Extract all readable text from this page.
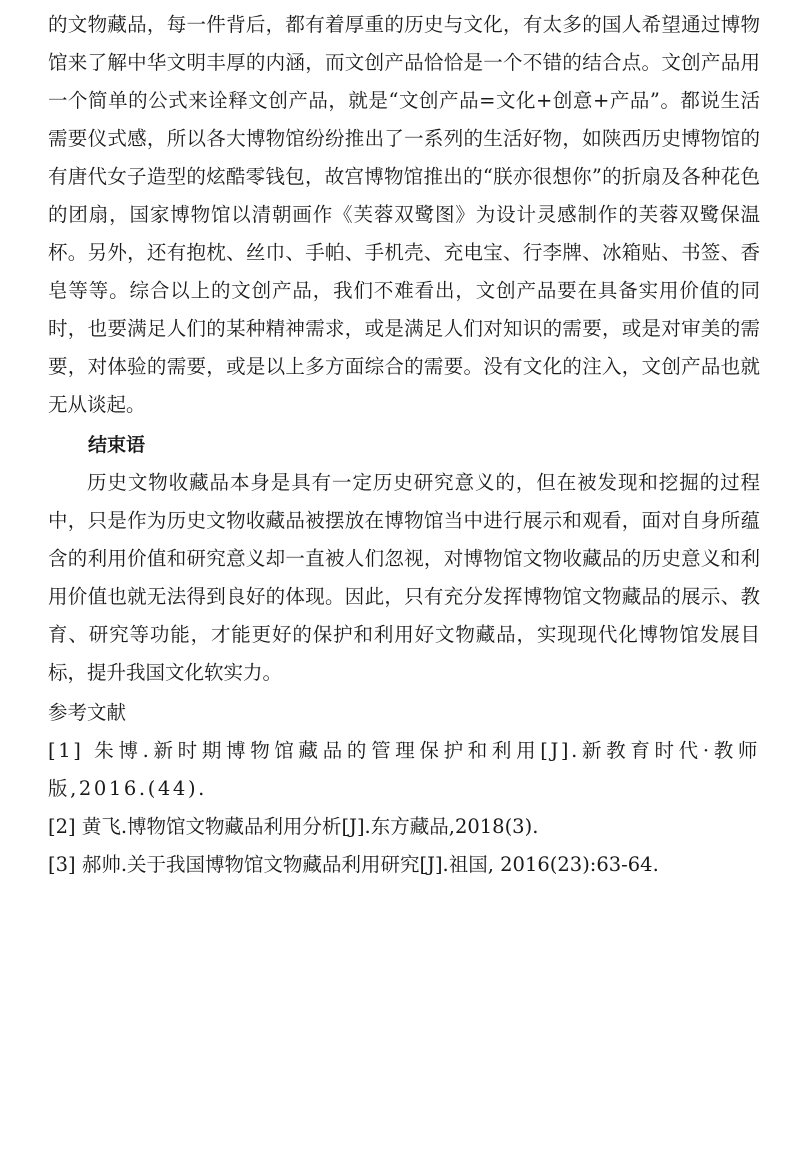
的文物藏品，每一件背后，都有着厚重的历史与文化，有太多的国人希望通过博物馆来了解中华文明丰厚的内涵，而文创产品恰恰是一个不错的结合点。文创产品用一个简单的公式来诠释文创产品，就是“文创产品=文化+创意+产品”。都说生活需要仪式感，所以各大博物馆纷纷推出了一系列的生活好物，如陕西历史博物馆的有唐代女子造型的炫酷零钱包，故宫博物馆推出的“朕亦很想你”的折扇及各种花色的团扇，国家博物馆以清朝画作《芙蓉双鹭图》为设计灵感制作的芙蓉双鹭保温杯。另外，还有抱枕、丝巾、手帕、手机壳、充电宝、行李牌、冰箱贴、书签、香皂等等。综合以上的文创产品，我们不难看出，文创产品要在具备实用价值的同时，也要满足人们的某种精神需求，或是满足人们对知识的需要，或是对审美的需要，对体验的需要，或是以上多方面综合的需要。没有文化的注入，文创产品也就无从谈起。

结束语

历史文物收藏品本身是具有一定历史研究意义的，但在被发现和挖掘的过程中，只是作为历史文物收藏品被摆放在博物馆当中进行展示和观看，面对自身所蕴含的利用价值和研究意义却一直被人们忽视，对博物馆文物收藏品的历史意义和利用价值也就无法得到良好的体现。因此，只有充分发挥博物馆文物藏品的展示、教育、研究等功能，才能更好的保护和利用好文物藏品，实现现代化博物馆发展目标，提升我国文化软实力。

参考文献

[1] 朱博.新时期博物馆藏品的管理保护和利用[J].新教育时代·教师版,2016.(44).

[2] 黄飞.博物馆文物藏品利用分析[J].东方藏品,2018(3).

[3] 郝帅.关于我国博物馆文物藏品利用研究[J].祖国, 2016(23):63-64.
